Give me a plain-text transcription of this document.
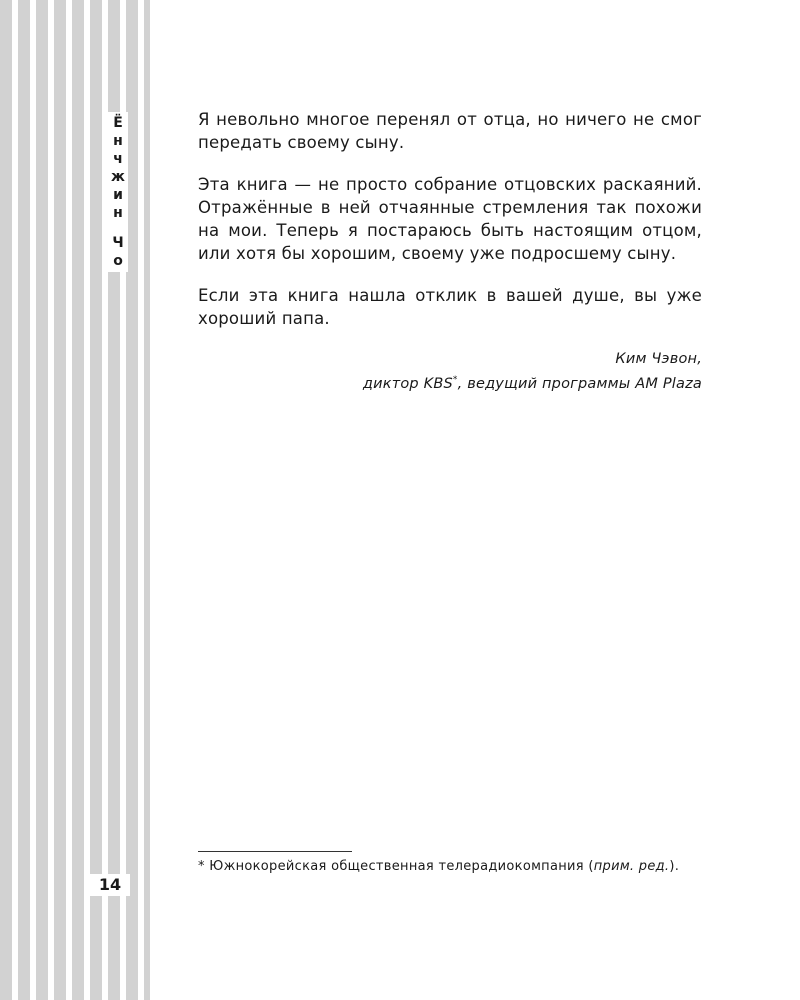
Ё
н
ч
ж
и
н
Ч
о
14

Я невольно многое перенял от отца, но ничего не смог передать своему сыну.

Эта книга — не просто собрание отцовских раскаяний. Отражённые в ней отчаянные стремления так похожи на мои. Теперь я постараюсь быть настоящим отцом, или хотя бы хорошим, своему уже подросшему сыну.

Если эта книга нашла отклик в вашей душе, вы уже хороший папа.

Ким Чэвон,
диктор KBS*, ведущий программы AM Plaza
* Южнокорейская общественная телерадиокомпания (прим. ред.).
